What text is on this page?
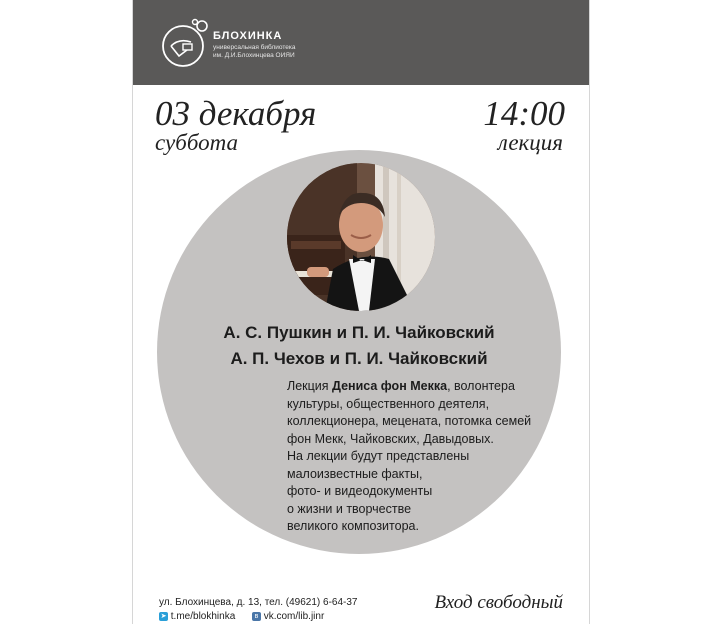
БЛОХИНКА
универсальная библиотека
им. Д.И.Блохинцева ОИЯИ
03 декабря
суббота
14:00
лекция
А. С. Пушкин и П. И. Чайковский
А. П. Чехов и П. И. Чайковский
Лекция Дениса фон Мекка, волонтера
культуры, общественного деятеля,
коллекционера, мецената, потомка семей
фон Мекк, Чайковских, Давыдовых.
На лекции будут представлены
малоизвестные факты,
фото- и видеодокументы
о жизни и творчестве
великого композитора.
ул. Блохинцева, д. 13, тел. (49621) 6-64-37
➤ t.me/blokhinka	в vk.com/lib.jinr
Вход свободный
